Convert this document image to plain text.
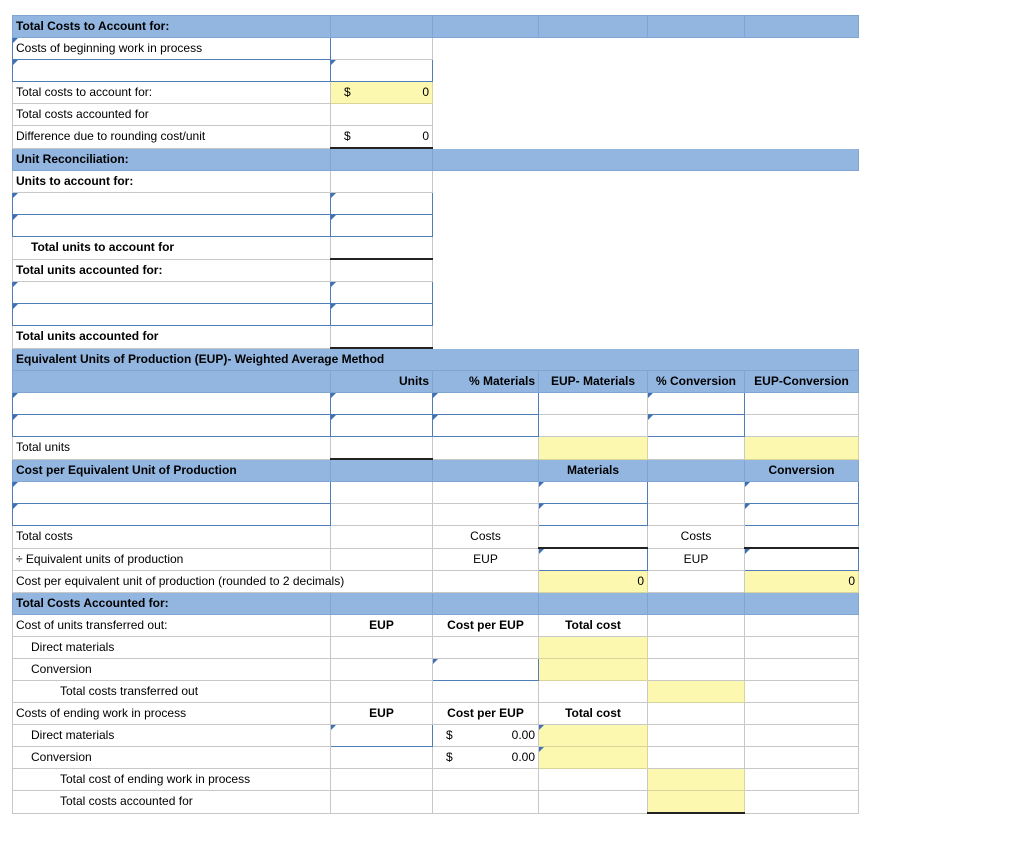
Total Costs to Account for:					
Costs of beginning work in process					

Total costs to account for:	$ 0				

Total costs accounted for					
Difference due to rounding cost/unit	$ 0				

Unit Reconciliation:					
Units to account for:					

Total units to account for					
Total units accounted for:					

Total units accounted for					
Equivalent Units of Production (EUP)- Weighted Average Method					
	Units	% Materials	EUP- Materials	% Conversion	EUP-Conversion

Total units					
Cost per Equivalent Unit of Production			Materials		Conversion

Total costs		Costs		Costs	
÷ Equivalent units of production		EUP		EUP	
Cost per equivalent unit of production (rounded to 2 decimals)			0		0
Total Costs Accounted for:					
Cost of units transferred out:	EUP	Cost per EUP	Total cost		
Direct materials					
Conversion					
Total costs transferred out					
Costs of ending work in process	EUP	Cost per EUP	Total cost		
Direct materials		$ 0.00			

Conversion		$ 0.00			

Total cost of ending work in process					
Total costs accounted for					
